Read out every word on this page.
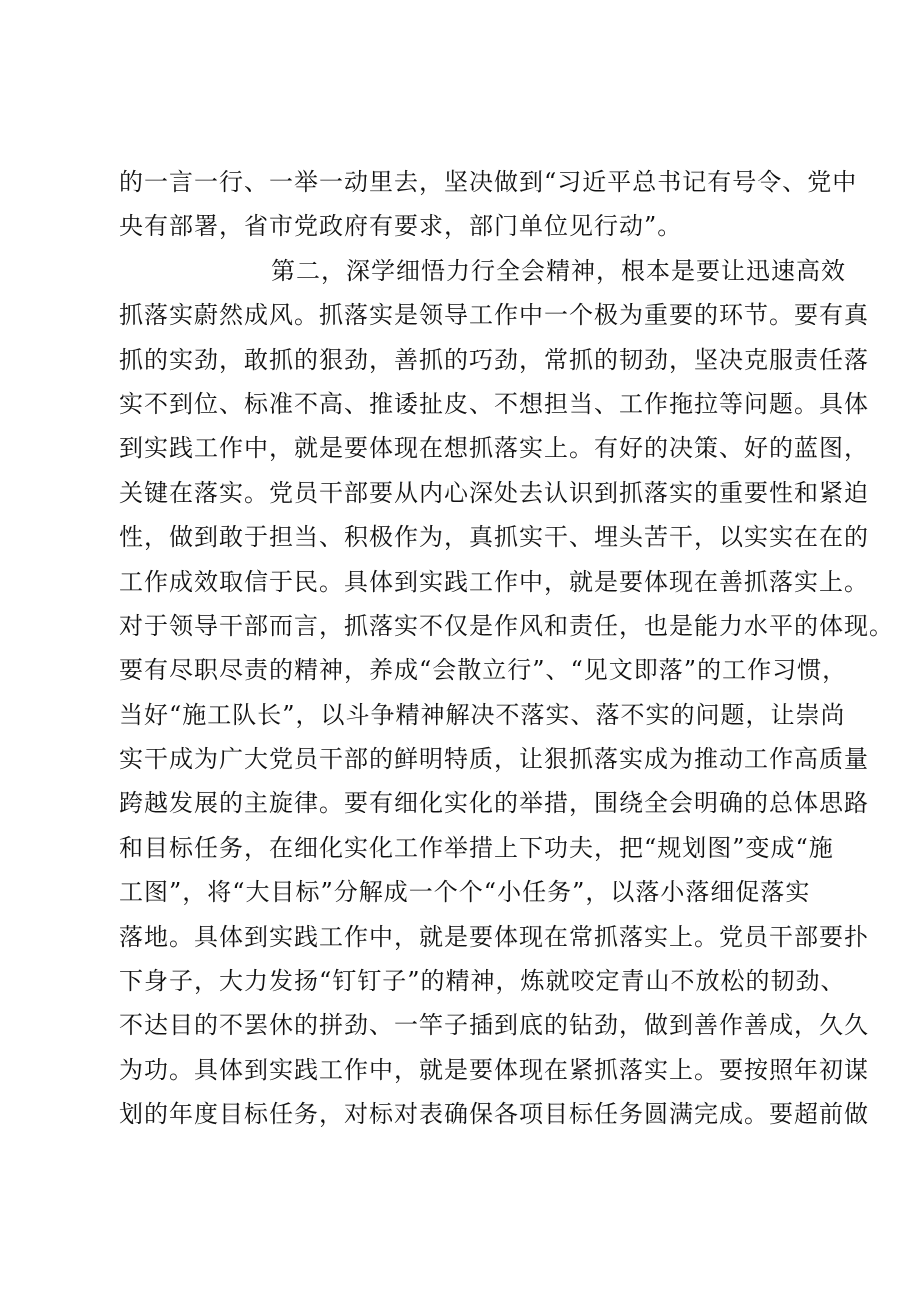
的一言一行、一举一动里去，坚决做到“习近平总书记有号令、党中
央有部署，省市党政府有要求，部门单位见行动”。
第二，深学细悟力行全会精神，根本是要让迅速高效
抓落实蔚然成风。抓落实是领导工作中一个极为重要的环节。要有真
抓的实劲，敢抓的狠劲，善抓的巧劲，常抓的韧劲，坚决克服责任落
实不到位、标准不高、推诿扯皮、不想担当、工作拖拉等问题。具体
到实践工作中，就是要体现在想抓落实上。有好的决策、好的蓝图，
关键在落实。党员干部要从内心深处去认识到抓落实的重要性和紧迫
性，做到敢于担当、积极作为，真抓实干、埋头苦干，以实实在在的
工作成效取信于民。具体到实践工作中，就是要体现在善抓落实上。
对于领导干部而言，抓落实不仅是作风和责任，也是能力水平的体现。
要有尽职尽责的精神，养成“会散立行”、“见文即落”的工作习惯，
当好“施工队长”，以斗争精神解决不落实、落不实的问题，让崇尚
实干成为广大党员干部的鲜明特质，让狠抓落实成为推动工作高质量
跨越发展的主旋律。要有细化实化的举措，围绕全会明确的总体思路
和目标任务，在细化实化工作举措上下功夫，把“规划图”变成“施
工图”，将“大目标”分解成一个个“小任务”，以落小落细促落实
落地。具体到实践工作中，就是要体现在常抓落实上。党员干部要扑
下身子，大力发扬“钉钉子”的精神，炼就咬定青山不放松的韧劲、
不达目的不罢休的拼劲、一竿子插到底的钻劲，做到善作善成，久久
为功。具体到实践工作中，就是要体现在紧抓落实上。要按照年初谋
划的年度目标任务，对标对表确保各项目标任务圆满完成。要超前做
